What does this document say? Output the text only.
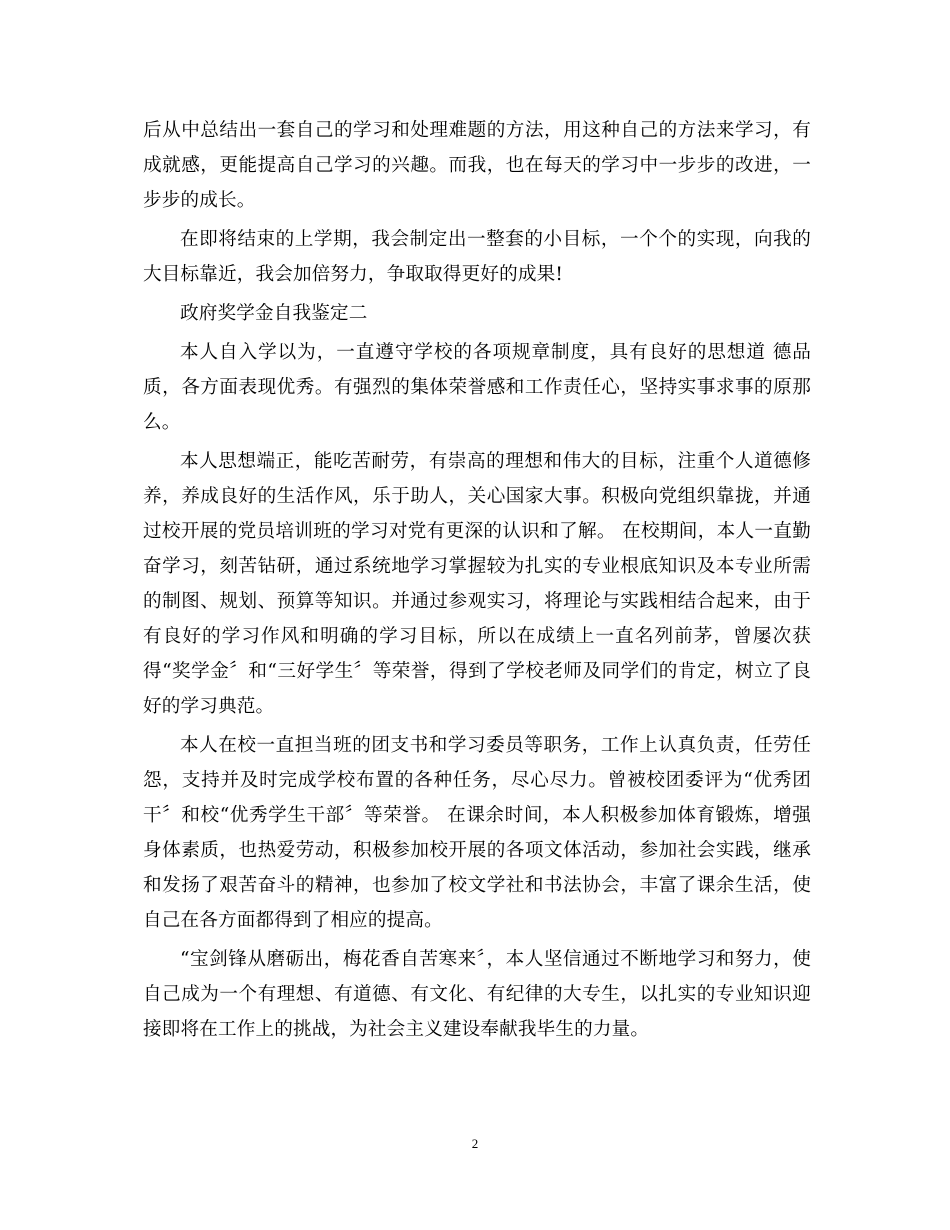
后从中总结出一套自己的学习和处理难题的方法，用这种自己的方法来学习，有成就感，更能提高自己学习的兴趣。而我，也在每天的学习中一步步的改进，一步步的成长。

在即将结束的上学期，我会制定出一整套的小目标，一个个的实现，向我的大目标靠近，我会加倍努力，争取取得更好的成果!

政府奖学金自我鉴定二

本人自入学以为，一直遵守学校的各项规章制度，具有良好的思想道 德品质，各方面表现优秀。有强烈的集体荣誉感和工作责任心，坚持实事求事的原那么。

本人思想端正，能吃苦耐劳，有崇高的理想和伟大的目标，注重个人道德修养，养成良好的生活作风，乐于助人，关心国家大事。积极向党组织靠拢，并通过校开展的党员培训班的学习对党有更深的认识和了解。 在校期间，本人一直勤奋学习，刻苦钻研，通过系统地学习掌握较为扎实的专业根底知识及本专业所需的制图、规划、预算等知识。并通过参观实习，将理论与实践相结合起来，由于有良好的学习作风和明确的学习目标，所以在成绩上一直名列前茅，曾屡次获得“奖学金〞和“三好学生〞等荣誉，得到了学校老师及同学们的肯定，树立了良好的学习典范。

本人在校一直担当班的团支书和学习委员等职务，工作上认真负责，任劳任怨，支持并及时完成学校布置的各种任务，尽心尽力。曾被校团委评为“优秀团干〞和校“优秀学生干部〞等荣誉。 在课余时间，本人积极参加体育锻炼，增强身体素质，也热爱劳动，积极参加校开展的各项文体活动，参加社会实践，继承和发扬了艰苦奋斗的精神，也参加了校文学社和书法协会，丰富了课余生活，使自己在各方面都得到了相应的提高。

“宝剑锋从磨砺出，梅花香自苦寒来〞，本人坚信通过不断地学习和努力，使自己成为一个有理想、有道德、有文化、有纪律的大专生，以扎实的专业知识迎接即将在工作上的挑战，为社会主义建设奉献我毕生的力量。

2
